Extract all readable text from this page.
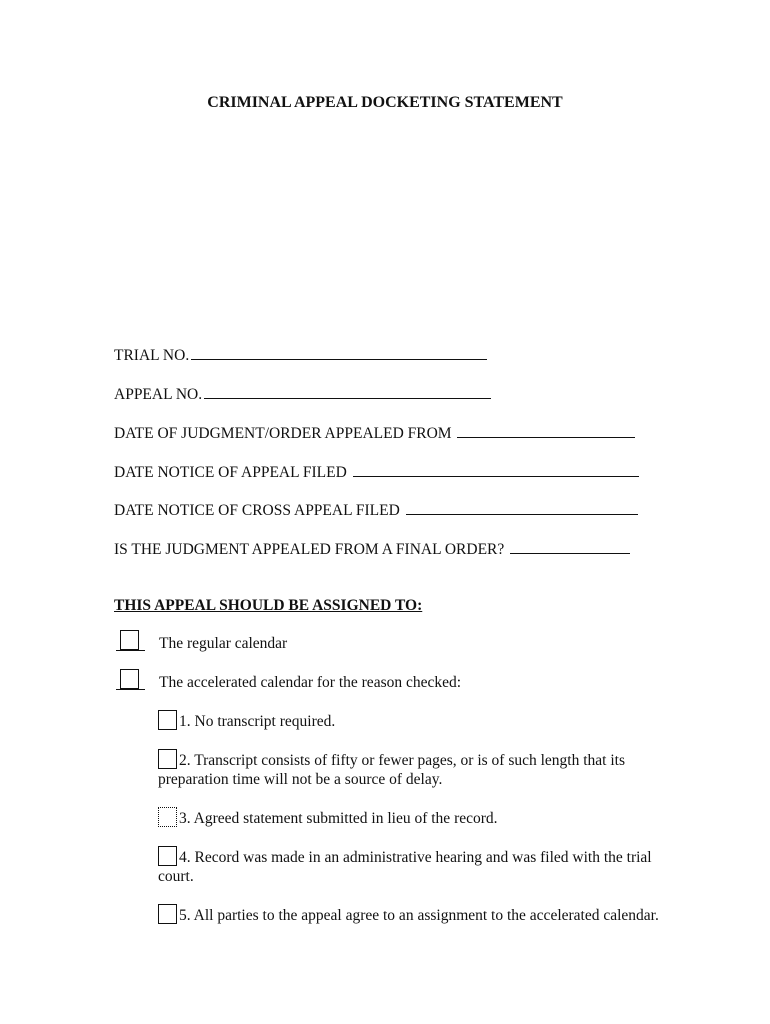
CRIMINAL APPEAL DOCKETING STATEMENT
TRIAL NO.
APPEAL NO.
DATE OF JUDGMENT/ORDER APPEALED FROM
DATE NOTICE OF APPEAL FILED
DATE NOTICE OF CROSS APPEAL FILED
IS THE JUDGMENT APPEALED FROM A FINAL ORDER?
THIS APPEAL SHOULD BE ASSIGNED TO:
The regular calendar
The accelerated calendar for the reason checked:
1. No transcript required.
2. Transcript consists of fifty or fewer pages, or is of such length that its preparation time will not be a source of delay.
3. Agreed statement submitted in lieu of the record.
4. Record was made in an administrative hearing and was filed with the trial court.
5. All parties to the appeal agree to an assignment to the accelerated calendar.
